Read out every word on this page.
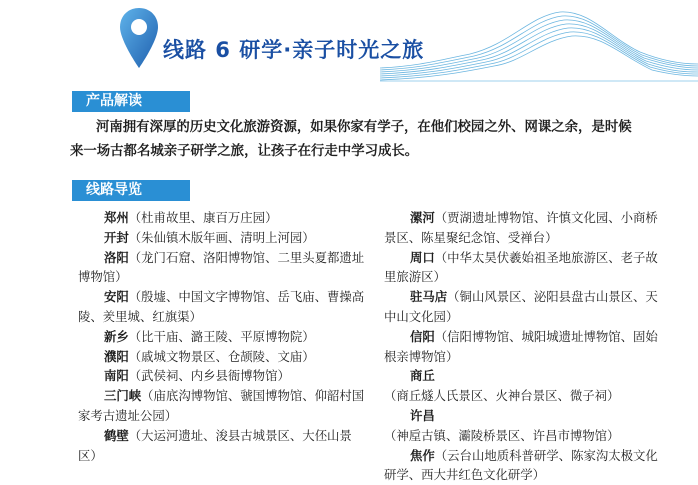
线路 6 研学·亲子时光之旅
产品解读
河南拥有深厚的历史文化旅游资源，如果你家有学子，在他们校园之外、网课之余，是时候来一场古都名城亲子研学之旅，让孩子在行走中学习成长。
线路导览
郑州（杜甫故里、康百万庄园）
开封（朱仙镇木版年画、清明上河园）
洛阳（龙门石窟、洛阳博物馆、二里头夏都遗址博物馆）
安阳（殷墟、中国文字博物馆、岳飞庙、曹操高陵、羑里城、红旗渠）
新乡（比干庙、潞王陵、平原博物院）
濮阳（戚城文物景区、仓颉陵、文庙）
南阳（武侯祠、内乡县衙博物馆）
三门峡（庙底沟博物馆、虢国博物馆、仰韶村国家考古遗址公园）
鹤壁（大运河遗址、浚县古城景区、大伾山景区）
漯河（贾湖遗址博物馆、许慎文化园、小商桥景区、陈星聚纪念馆、受禅台）
周口（中华太昊伏羲始祖圣地旅游区、老子故里旅游区）
驻马店（铜山风景区、泌阳县盘古山景区、天中山文化园）
信阳（信阳博物馆、城阳城遗址博物馆、固始根亲博物馆）
商丘（商丘燧人氏景区、火神台景区、微子祠）
许昌（神垕古镇、灞陵桥景区、许昌市博物馆）
焦作（云台山地质科普研学、陈家沟太极文化研学、西大井红色文化研学）
